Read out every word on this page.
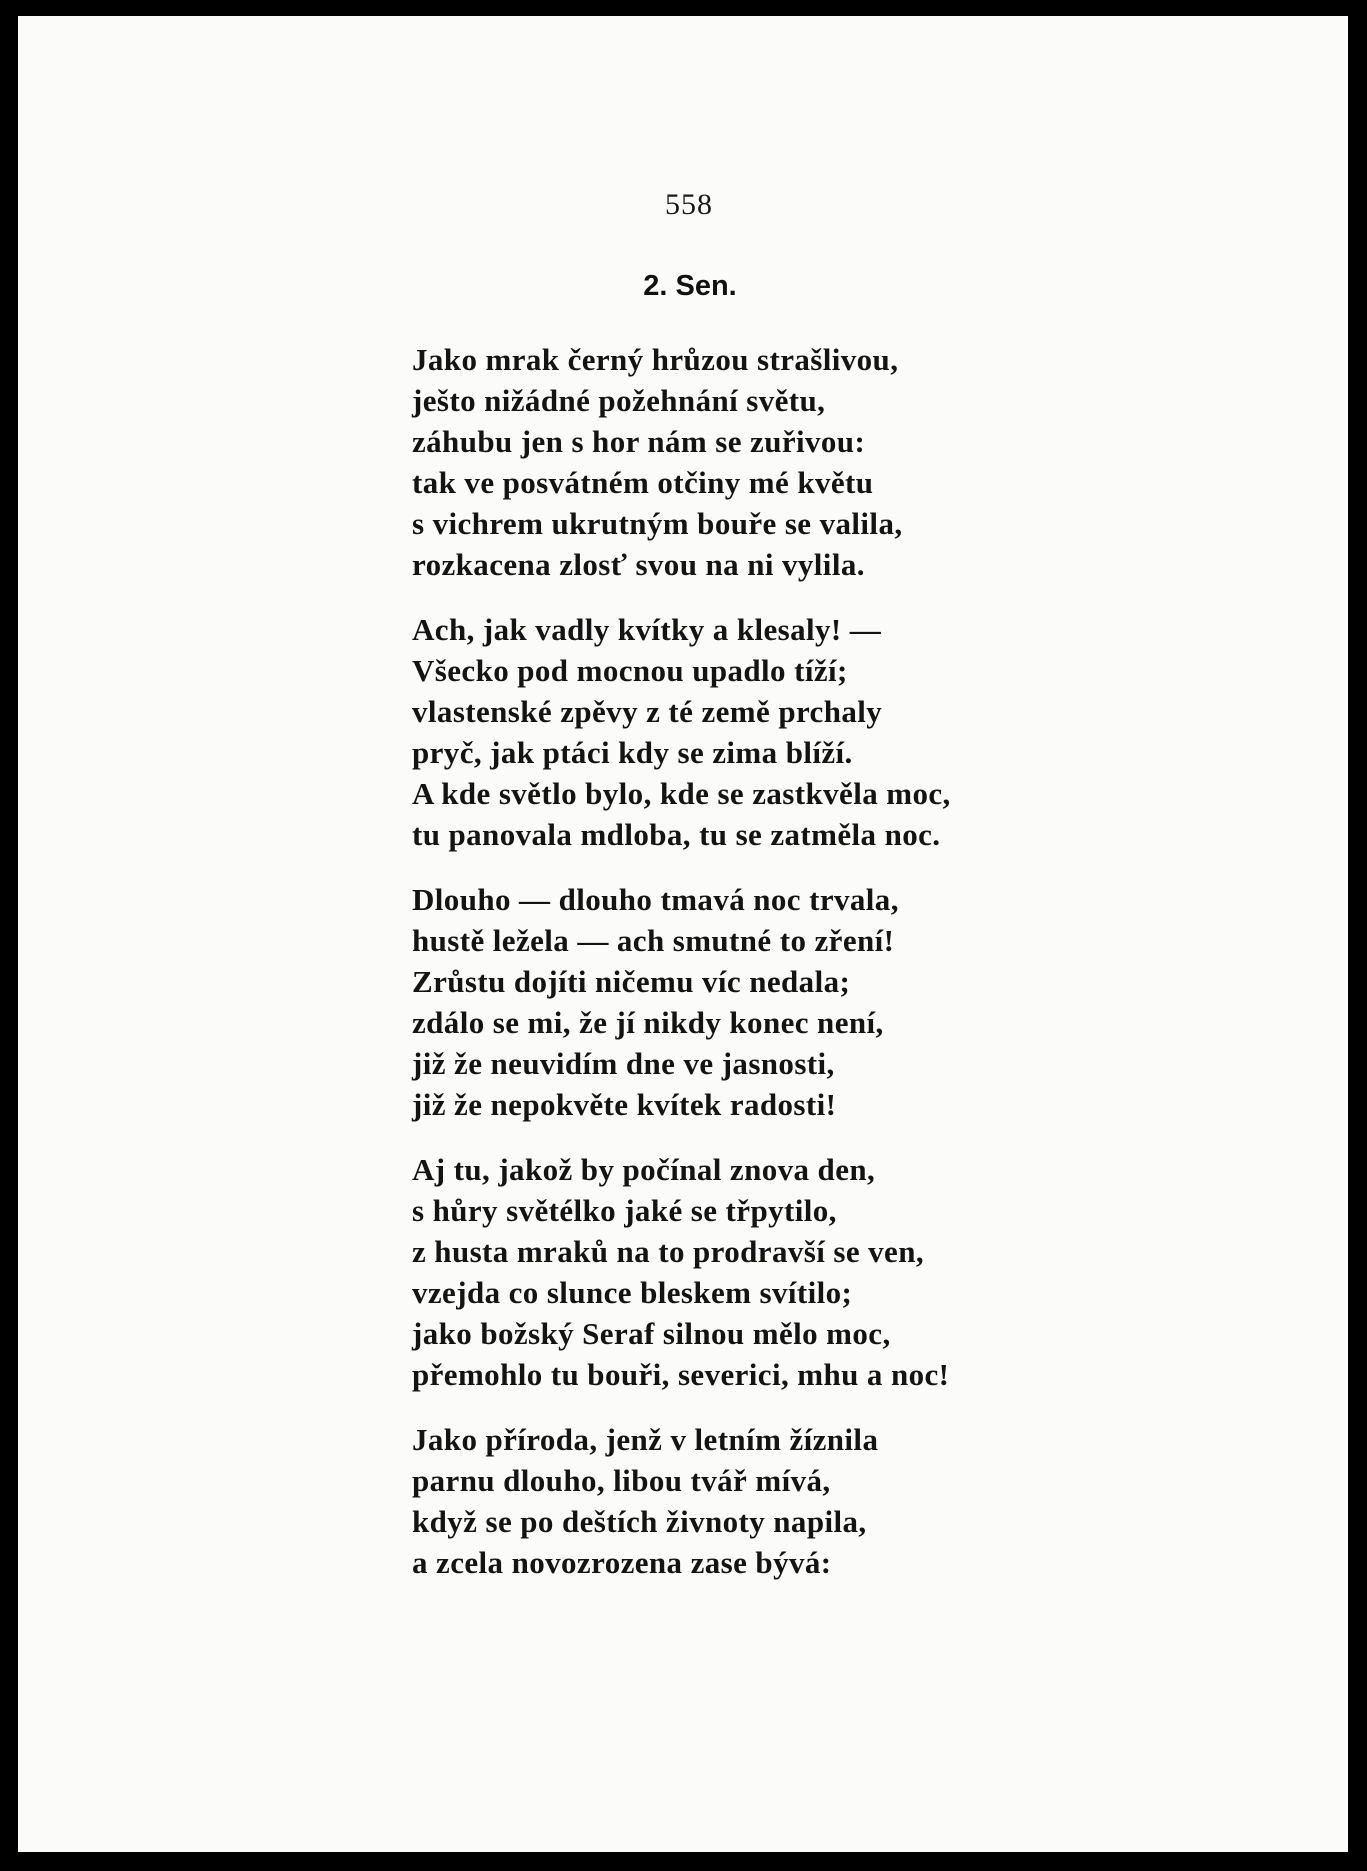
558
2. Sen.
Jako mrak černý hrůzou strašlivou,
ješto nižádné požehnání světu,
záhubu jen s hor nám se zuřivou:
tak ve posvátném otčiny mé květu
s vichrem ukrutným bouře se valila,
rozkacena zlosť svou na ni vylila.
Ach, jak vadly kvítky a klesaly! —
Všecko pod mocnou upadlo tíží;
vlastenské zpěvy z té země prchaly
pryč, jak ptáci kdy se zima blíží.
A kde světlo bylo, kde se zastkvěla moc,
tu panovala mdloba, tu se zatměla noc.
Dlouho — dlouho tmavá noc trvala,
hustě ležela — ach smutné to zření!
Zrůstu dojíti ničemu víc nedala;
zdálo se mi, že jí nikdy konec není,
již že neuvidím dne ve jasnosti,
již že nepokvěte kvítek radosti!
Aj tu, jakož by počínal znova den,
s hůry světélko jaké se třpytilo,
z husta mraků na to prodravší se ven,
vzejda co slunce bleskem svítilo;
jako božský Seraf silnou mělo moc,
přemohlo tu bouři, severici, mhu a noc!
Jako příroda, jenž v letním žíznila
parnu dlouho, libou tvář mívá,
když se po deštích živnoty napila,
a zcela novozrozena zase bývá:
